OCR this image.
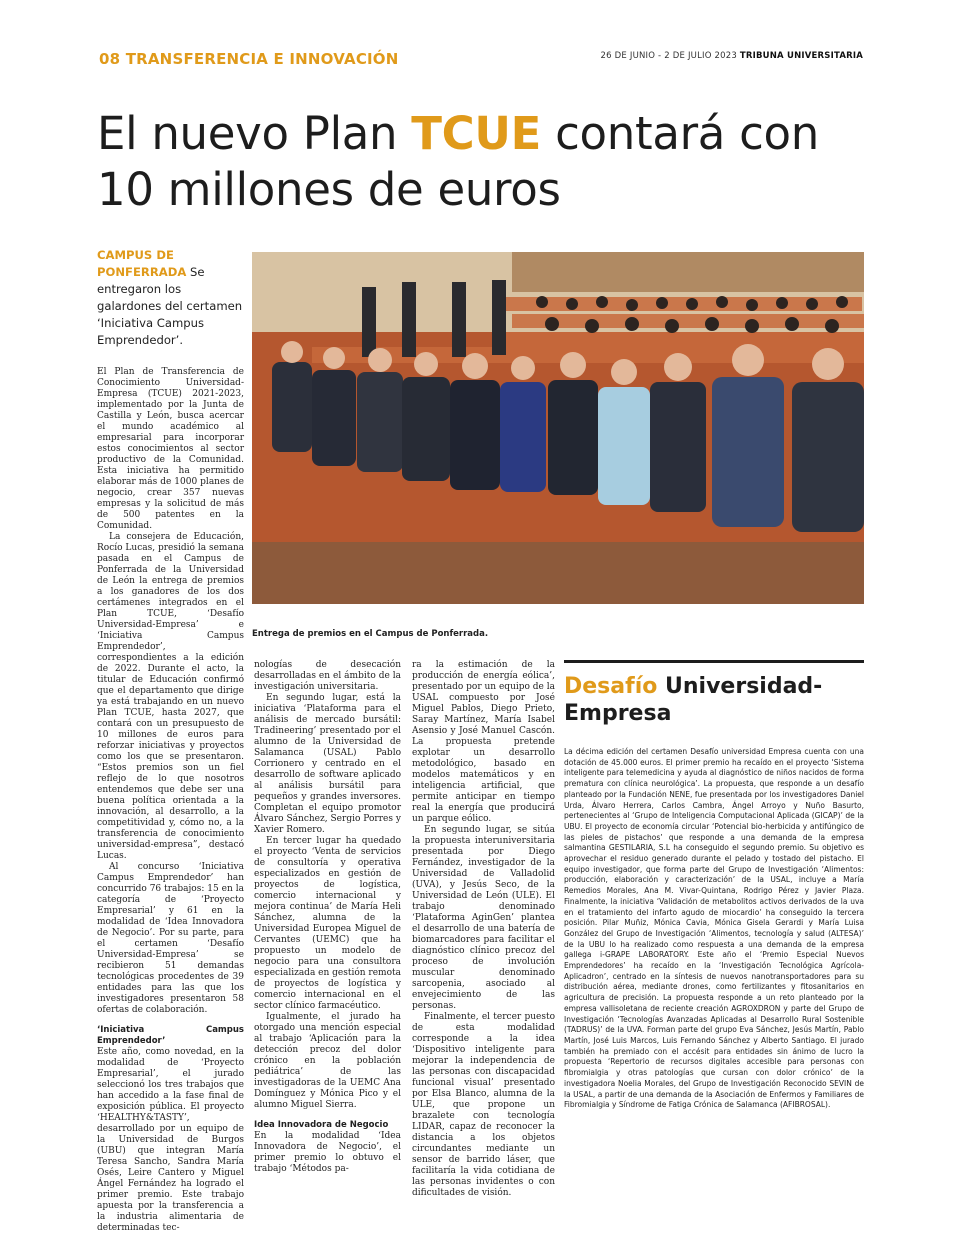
08 TRANSFERENCIA E INNOVACIÓN	26 DE JUNIO - 2 DE JULIO 2023 TRIBUNA UNIVERSITARIA
El nuevo Plan TCUE contará con 10 millones de euros
CAMPUS DE PONFERRADA Se entregaron los galardones del certamen ‘Iniciativa Campus Emprendedor’.
Entrega de premios en el Campus de Ponferrada.

El Plan de Transferencia de Conocimiento Universidad-Empresa (TCUE) 2021-2023, implementado por la Junta de Castilla y León, busca acercar el mundo académico al empresarial para incorporar estos conocimientos al sector productivo de la Comunidad. Esta iniciativa ha permitido elaborar más de 1000 planes de negocio, crear 357 nuevas empresas y la solicitud de más de 500 patentes en la Comunidad.

La consejera de Educación, Rocío Lucas, presidió la semana pasada en el Campus de Ponferrada de la Universidad de León la entrega de premios a los ganadores de los dos certámenes integrados en el Plan TCUE, ‘Desafío Universidad-Empresa’ e ‘Iniciativa Campus Emprendedor’, correspondientes a la edición de 2022. Durante el acto, la titular de Educación confirmó que el departamento que dirige ya está trabajando en un nuevo Plan TCUE, hasta 2027, que contará con un presupuesto de 10 millones de euros para reforzar iniciativas y proyectos como los que se presentaron. “Estos premios son un fiel reflejo de lo que nosotros entendemos que debe ser una buena política orientada a la innovación, al desarrollo, a la competitividad y, cómo no, a la transferencia de conocimiento universidad-empresa”, destacó Lucas.

Al concurso ‘Iniciativa Campus Emprendedor’ han concurrido 76 trabajos: 15 en la categoría de ‘Proyecto Empresarial’ y 61 en la modalidad de ‘Idea Innovadora de Negocio’. Por su parte, para el certamen ‘Desafío Universidad-Empresa’ se recibieron 51 demandas tecnológicas procedentes de 39 entidades para las que los investigadores presentaron 58 ofertas de colaboración.

‘Iniciativa Campus Emprendedor’

Este año, como novedad, en la modalidad de ‘Proyecto Empresarial’, el jurado seleccionó los tres trabajos que han accedido a la fase final de exposición pública. El proyecto ‘HEALTHY&TASTY’, desarrollado por un equipo de la Universidad de Burgos (UBU) que integran María Teresa Sancho, Sandra María Osés, Leire Cantero y Miguel Ángel Fernández ha logrado el primer premio. Este trabajo apuesta por la transferencia a la industria alimentaria de determinadas tec-

nologías de desecación desarrolladas en el ámbito de la investigación universitaria.

En segundo lugar, está la iniciativa ‘Plataforma para el análisis de mercado bursátil: Tradineering’ presentado por el alumno de la Universidad de Salamanca (USAL) Pablo Corrionero y centrado en el desarrollo de software aplicado al análisis bursátil para pequeños y grandes inversores. Completan el equipo promotor Álvaro Sánchez, Sergio Porres y Xavier Romero.

En tercer lugar ha quedado el proyecto ‘Venta de servicios de consultoría y operativa especializados en gestión de proyectos de logística, comercio internacional y mejora continua’ de María Heli Sánchez, alumna de la Universidad Europea Miguel de Cervantes (UEMC) que ha propuesto un modelo de negocio para una consultora especializada en gestión remota de proyectos de logística y comercio internacional en el sector clínico farmacéutico.

Igualmente, el jurado ha otorgado una mención especial al trabajo ‘Aplicación para la detección precoz del dolor crónico en la población pediátrica’ de las investigadoras de la UEMC Ana Domínguez y Mónica Pico y el alumno Miguel Sierra.

Idea Innovadora de Negocio

En la modalidad ‘Idea Innovadora de Negocio’, el primer premio lo obtuvo el trabajo ‘Métodos pa-

ra la estimación de la producción de energía eólica’, presentado por un equipo de la USAL compuesto por José Miguel Pablos, Diego Prieto, Saray Martínez, María Isabel Asensio y José Manuel Cascón. La propuesta pretende explotar un desarrollo metodológico, basado en modelos matemáticos y en inteligencia artificial, que permite anticipar en tiempo real la energía que producirá un parque eólico.

En segundo lugar, se sitúa la propuesta interuniversitaria presentada por Diego Fernández, investigador de la Universidad de Valladolid (UVA), y Jesús Seco, de la Universidad de León (ULE). El trabajo denominado ‘Plataforma AginGen’ plantea el desarrollo de una batería de biomarcadores para facilitar el diagnóstico clínico precoz del proceso de involución muscular denominado sarcopenia, asociado al envejecimiento de las personas.

Finalmente, el tercer puesto de esta modalidad corresponde a la idea ‘Dispositivo inteligente para mejorar la independencia de las personas con discapacidad funcional visual’ presentado por Elsa Blanco, alumna de la ULE, que propone un brazalete con tecnología LIDAR, capaz de reconocer la distancia a los objetos circundantes mediante un sensor de barrido láser, que facilitaría la vida cotidiana de las personas invidentes o con dificultades de visión.

Desafío Universidad-Empresa
La décima edición del certamen Desafío universidad Empresa cuenta con una dotación de 45.000 euros. El primer premio ha recaído en el proyecto ‘Sistema inteligente para telemedicina y ayuda al diagnóstico de niños nacidos de forma prematura con clínica neurológica’. La propuesta, que responde a un desafío planteado por la Fundación NENE, fue presentada por los investigadores Daniel Urda, Álvaro Herrera, Carlos Cambra, Ángel Arroyo y Nuño Basurto, pertenecientes al ‘Grupo de Inteligencia Computacional Aplicada (GICAP)’ de la UBU. El proyecto de economía circular ‘Potencial bio-herbicida y antifúngico de las pieles de pistachos’ que responde a una demanda de la empresa salmantina GESTILARIA, S.L ha conseguido el segundo premio. Su objetivo es aprovechar el residuo generado durante el pelado y tostado del pistacho. El equipo investigador, que forma parte del Grupo de Investigación ‘Alimentos: producción, elaboración y caracterización’ de la USAL, incluye a María Remedios Morales, Ana M. Vivar-Quintana, Rodrigo Pérez y Javier Plaza. Finalmente, la iniciativa ‘Validación de metabolitos activos derivados de la uva en el tratamiento del infarto agudo de miocardio’ ha conseguido la tercera posición. Pilar Muñiz, Mónica Cavia, Mónica Gisela Gerardi y María Luisa González del Grupo de Investigación ‘Alimentos, tecnología y salud (ALTESA)’ de la UBU lo ha realizado como respuesta a una demanda de la empresa gallega i-GRAPE LABORATORY. Este año el ‘Premio Especial Nuevos Emprendedores’ ha recaído en la ‘Investigación Tecnológica Agrícola-Aplicadron’, centrado en la síntesis de nuevos nanotransportadores para su distribución aérea, mediante drones, como fertilizantes y fitosanitarios en agricultura de precisión. La propuesta responde a un reto planteado por la empresa vallisoletana de reciente creación AGROXDRON y parte del Grupo de Investigación ‘Tecnologías Avanzadas Aplicadas al Desarrollo Rural Sostenible (TADRUS)’ de la UVA. Forman parte del grupo Eva Sánchez, Jesús Martín, Pablo Martín, José Luis Marcos, Luis Fernando Sánchez y Alberto Santiago. El jurado también ha premiado con el accésit para entidades sin ánimo de lucro la propuesta ‘Repertorio de recursos digitales accesible para personas con fibromialgia y otras patologías que cursan con dolor crónico’ de la investigadora Noelia Morales, del Grupo de Investigación Reconocido SEVIN de la USAL, a partir de una demanda de la Asociación de Enfermos y Familiares de Fibromialgia y Síndrome de Fatiga Crónica de Salamanca (AFIBROSAL).
